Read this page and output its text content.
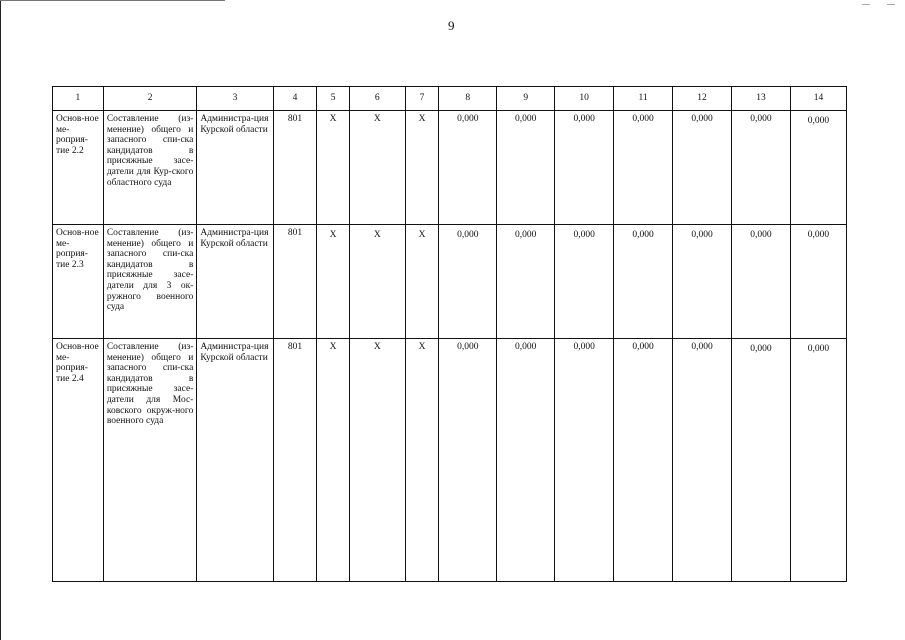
9
1	2	3	4	5	6	7	8	9	10	11	12	13	14
Основ-ное ме-роприя-тие 2.2	Составление (из-менение) общего и запасного спи-ска кандидатов в присяжные засе-датели для Кур-ского областного суда	Администра-ция Курской области	801	X	X	X	0,000	0,000	0,000	0,000	0,000	0,000	0,000
Основ-ное ме-роприя-тие 2.3	Составление (из-менение) общего и запасного спи-ска кандидатов в присяжные засе-датели для 3 ок-ружного военного суда	Администра-ция Курской области	801	X	X	X	0,000	0,000	0,000	0,000	0,000	0,000	0,000
Основ-ное ме-роприя-тие 2.4	Составление (из-менение) общего и запасного спи-ска кандидатов в присяжные засе-датели для Мос-ковского окруж-ного военного суда	Администра-ция Курской области	801	X	X	X	0,000	0,000	0,000	0,000	0,000	0,000	0,000
